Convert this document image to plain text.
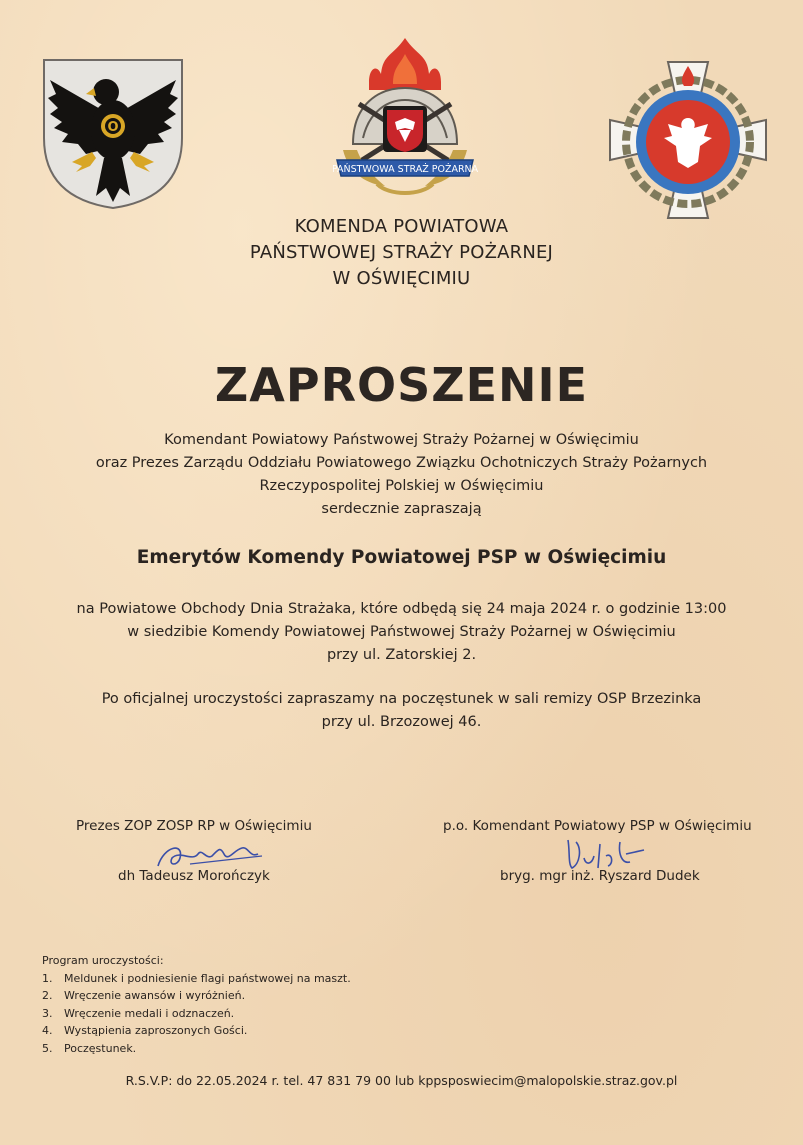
O
PAŃSTWOWA STRAŻ POŻARNA
KOMENDA POWIATOWA
PAŃSTWOWEJ STRAŻY POŻARNEJ
W OŚWIĘCIMIU
ZAPROSZENIE
Komendant Powiatowy Państwowej Straży Pożarnej w Oświęcimiu
oraz Prezes Zarządu Oddziału Powiatowego Związku Ochotniczych Straży Pożarnych
Rzeczypospolitej Polskiej w Oświęcimiu
serdecznie zapraszają
Emerytów Komendy Powiatowej PSP w Oświęcimiu
na Powiatowe Obchody Dnia Strażaka, które odbędą się 24 maja 2024 r. o godzinie 13:00
w siedzibie Komendy Powiatowej Państwowej Straży Pożarnej w Oświęcimiu
przy ul. Zatorskiej 2.
Po oficjalnej uroczystości zapraszamy na poczęstunek w sali remizy OSP Brzezinka
przy ul. Brzozowej 46.
Prezes ZOP ZOSP RP w Oświęcimiu
dh Tadeusz Morończyk
p.o. Komendant Powiatowy PSP w Oświęcimiu
bryg. mgr inż. Ryszard Dudek
Program uroczystości:
1. Meldunek i podniesienie flagi państwowej na maszt.
2. Wręczenie awansów i wyróżnień.
3. Wręczenie medali i odznaczeń.
4. Wystąpienia zaproszonych Gości.
5. Poczęstunek.
R.S.V.P: do 22.05.2024 r. tel. 47 831 79 00 lub kppsposwiecim@malopolskie.straz.gov.pl
